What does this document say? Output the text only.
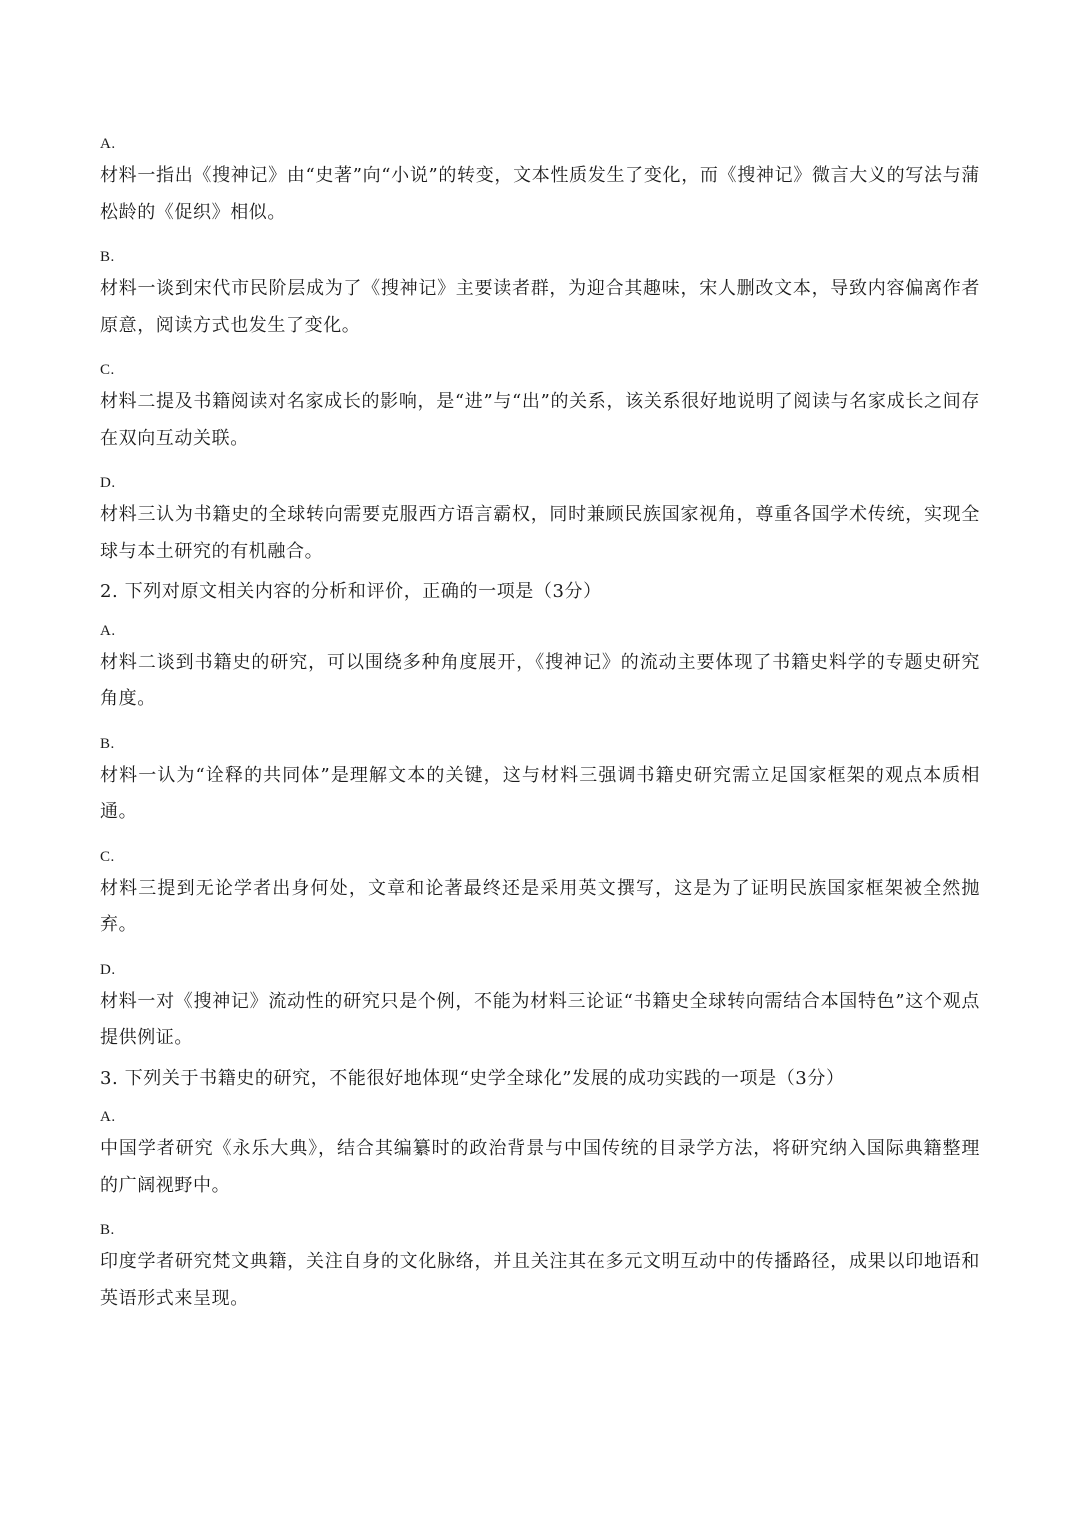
A.
材料一指出《搜神记》由“史著”向“小说”的转变，文本性质发生了变化，而《搜神记》微言大义的写法与蒲松龄的《促织》相似。
B.
材料一谈到宋代市民阶层成为了《搜神记》主要读者群，为迎合其趣味，宋人删改文本，导致内容偏离作者原意，阅读方式也发生了变化。
C.
材料二提及书籍阅读对名家成长的影响，是“进”与“出”的关系，该关系很好地说明了阅读与名家成长之间存在双向互动关联。
D.
材料三认为书籍史的全球转向需要克服西方语言霸权，同时兼顾民族国家视角，尊重各国学术传统，实现全球与本土研究的有机融合。
2. 下列对原文相关内容的分析和评价，正确的一项是（3分）
A.
材料二谈到书籍史的研究，可以围绕多种角度展开，《搜神记》的流动主要体现了书籍史料学的专题史研究角度。
B.
材料一认为“诠释的共同体”是理解文本的关键，这与材料三强调书籍史研究需立足国家框架的观点本质相通。
C.
材料三提到无论学者出身何处，文章和论著最终还是采用英文撰写，这是为了证明民族国家框架被全然抛弃。
D.
材料一对《搜神记》流动性的研究只是个例，不能为材料三论证“书籍史全球转向需结合本国特色”这个观点提供例证。
3. 下列关于书籍史的研究，不能很好地体现“史学全球化”发展的成功实践的一项是（3分）
A.
中国学者研究《永乐大典》，结合其编纂时的政治背景与中国传统的目录学方法，将研究纳入国际典籍整理的广阔视野中。
B.
印度学者研究梵文典籍，关注自身的文化脉络，并且关注其在多元文明互动中的传播路径，成果以印地语和英语形式来呈现。
